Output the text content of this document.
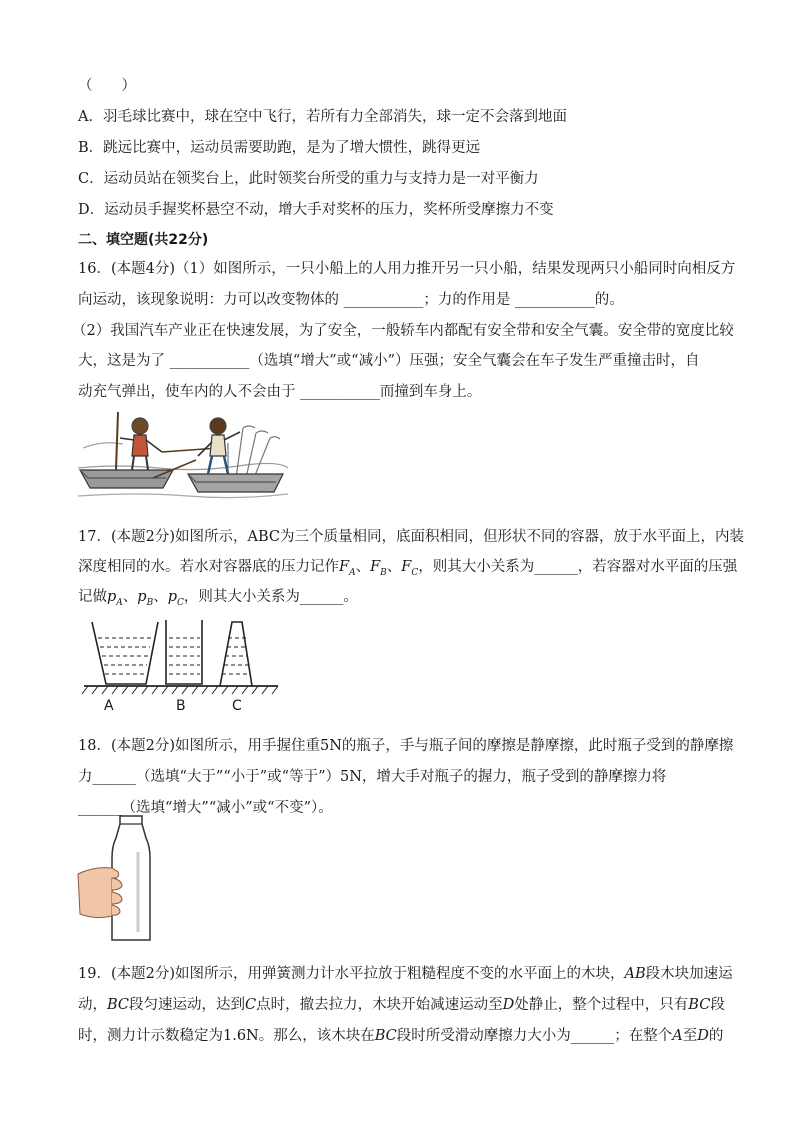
（　　）
A．羽毛球比赛中，球在空中飞行，若所有力全部消失，球一定不会落到地面
B．跳远比赛中，运动员需要助跑，是为了增大惯性，跳得更远
C．运动员站在领奖台上，此时领奖台所受的重力与支持力是一对平衡力
D．运动员手握奖杯悬空不动，增大手对奖杯的压力，奖杯所受摩擦力不变
二、填空题(共22分)
16．(本题4分)（1）如图所示，一只小船上的人用力推开另一只小船，结果发现两只小船同时向相反方
向运动，该现象说明：力可以改变物体的 ___________；力的作用是 ___________的。
（2）我国汽车产业正在快速发展，为了安全，一般轿车内都配有安全带和安全气囊。安全带的宽度比较
大，这是为了 ___________（选填“增大”或“减小”）压强；安全气囊会在车子发生严重撞击时，自
动充气弹出，使车内的人不会由于 ___________而撞到车身上。
17．(本题2分)如图所示，ABC为三个质量相同，底面积相同，但形状不同的容器，放于水平面上，内装
深度相同的水。若水对容器底的压力记作$F_A$、$F_B$、$F_C$，则其大小关系为______，若容器对水平面的压强
记做$p_A$、$p_B$、$p_C$，则其大小关系为______。
A	B	C
18．(本题2分)如图所示，用手握住重5N的瓶子，手与瓶子间的摩擦是静摩擦，此时瓶子受到的静摩擦
力______（选填“大于”“小于”或“等于”）5N，增大手对瓶子的握力，瓶子受到的静摩擦力将
______（选填“增大”“减小”或“不变”）。
19．(本题2分)如图所示，用弹簧测力计水平拉放于粗糙程度不变的水平面上的木块，AB段木块加速运
动，BC段匀速运动，达到C点时，撤去拉力，木块开始减速运动至D处静止，整个过程中，只有BC段
时，测力计示数稳定为1.6N。那么，该木块在BC段时所受滑动摩擦力大小为______；在整个A至D的
